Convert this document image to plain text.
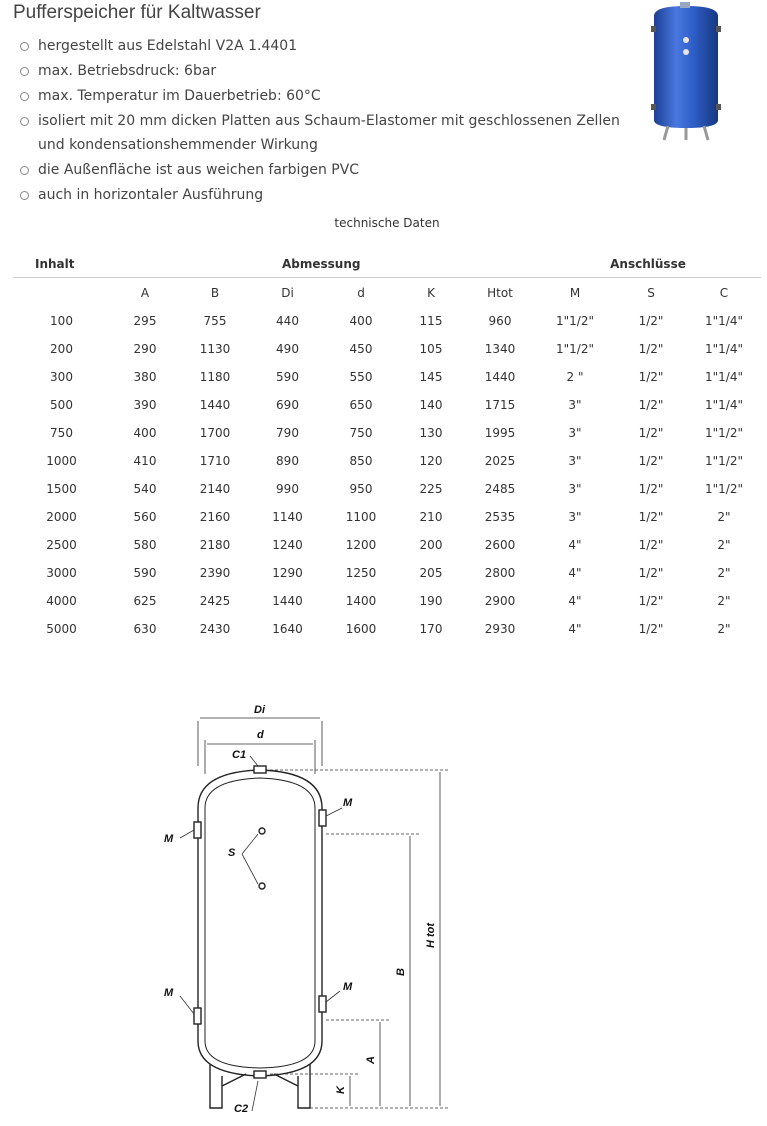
Pufferspeicher für Kaltwasser
hergestellt aus Edelstahl V2A 1.4401
max. Betriebsdruck: 6bar
max. Temperatur im Dauerbetrieb: 60°C
isoliert mit 20 mm dicken Platten aus Schaum-Elastomer mit geschlossenen Zellen und kondensationshemmender Wirkung
die Außenfläche ist aus weichen farbigen PVC
auch in horizontaler Ausführung
technische Daten
Inhalt	Abmessung						Anschlüsse		
	A	B	Di	d	K	Htot	M	S	C
100	295	755	440	400	115	960	1"1/2"	1/2"	1"1/4"
200	290	1130	490	450	105	1340	1"1/2"	1/2"	1"1/4"
300	380	1180	590	550	145	1440	2 "	1/2"	1"1/4"
500	390	1440	690	650	140	1715	3"	1/2"	1"1/4"
750	400	1700	790	750	130	1995	3"	1/2"	1"1/2"
1000	410	1710	890	850	120	2025	3"	1/2"	1"1/2"
1500	540	2140	990	950	225	2485	3"	1/2"	1"1/2"
2000	560	2160	1140	1100	210	2535	3"	1/2"	2"
2500	580	2180	1240	1200	200	2600	4"	1/2"	2"
3000	590	2390	1290	1250	205	2800	4"	1/2"	2"
4000	625	2425	1440	1400	190	2900	4"	1/2"	2"
5000	630	2430	1640	1600	170	2930	4"	1/2"	2"
Di
d
C1
M
M
M	M
S
C2
H tot
B
A
K
